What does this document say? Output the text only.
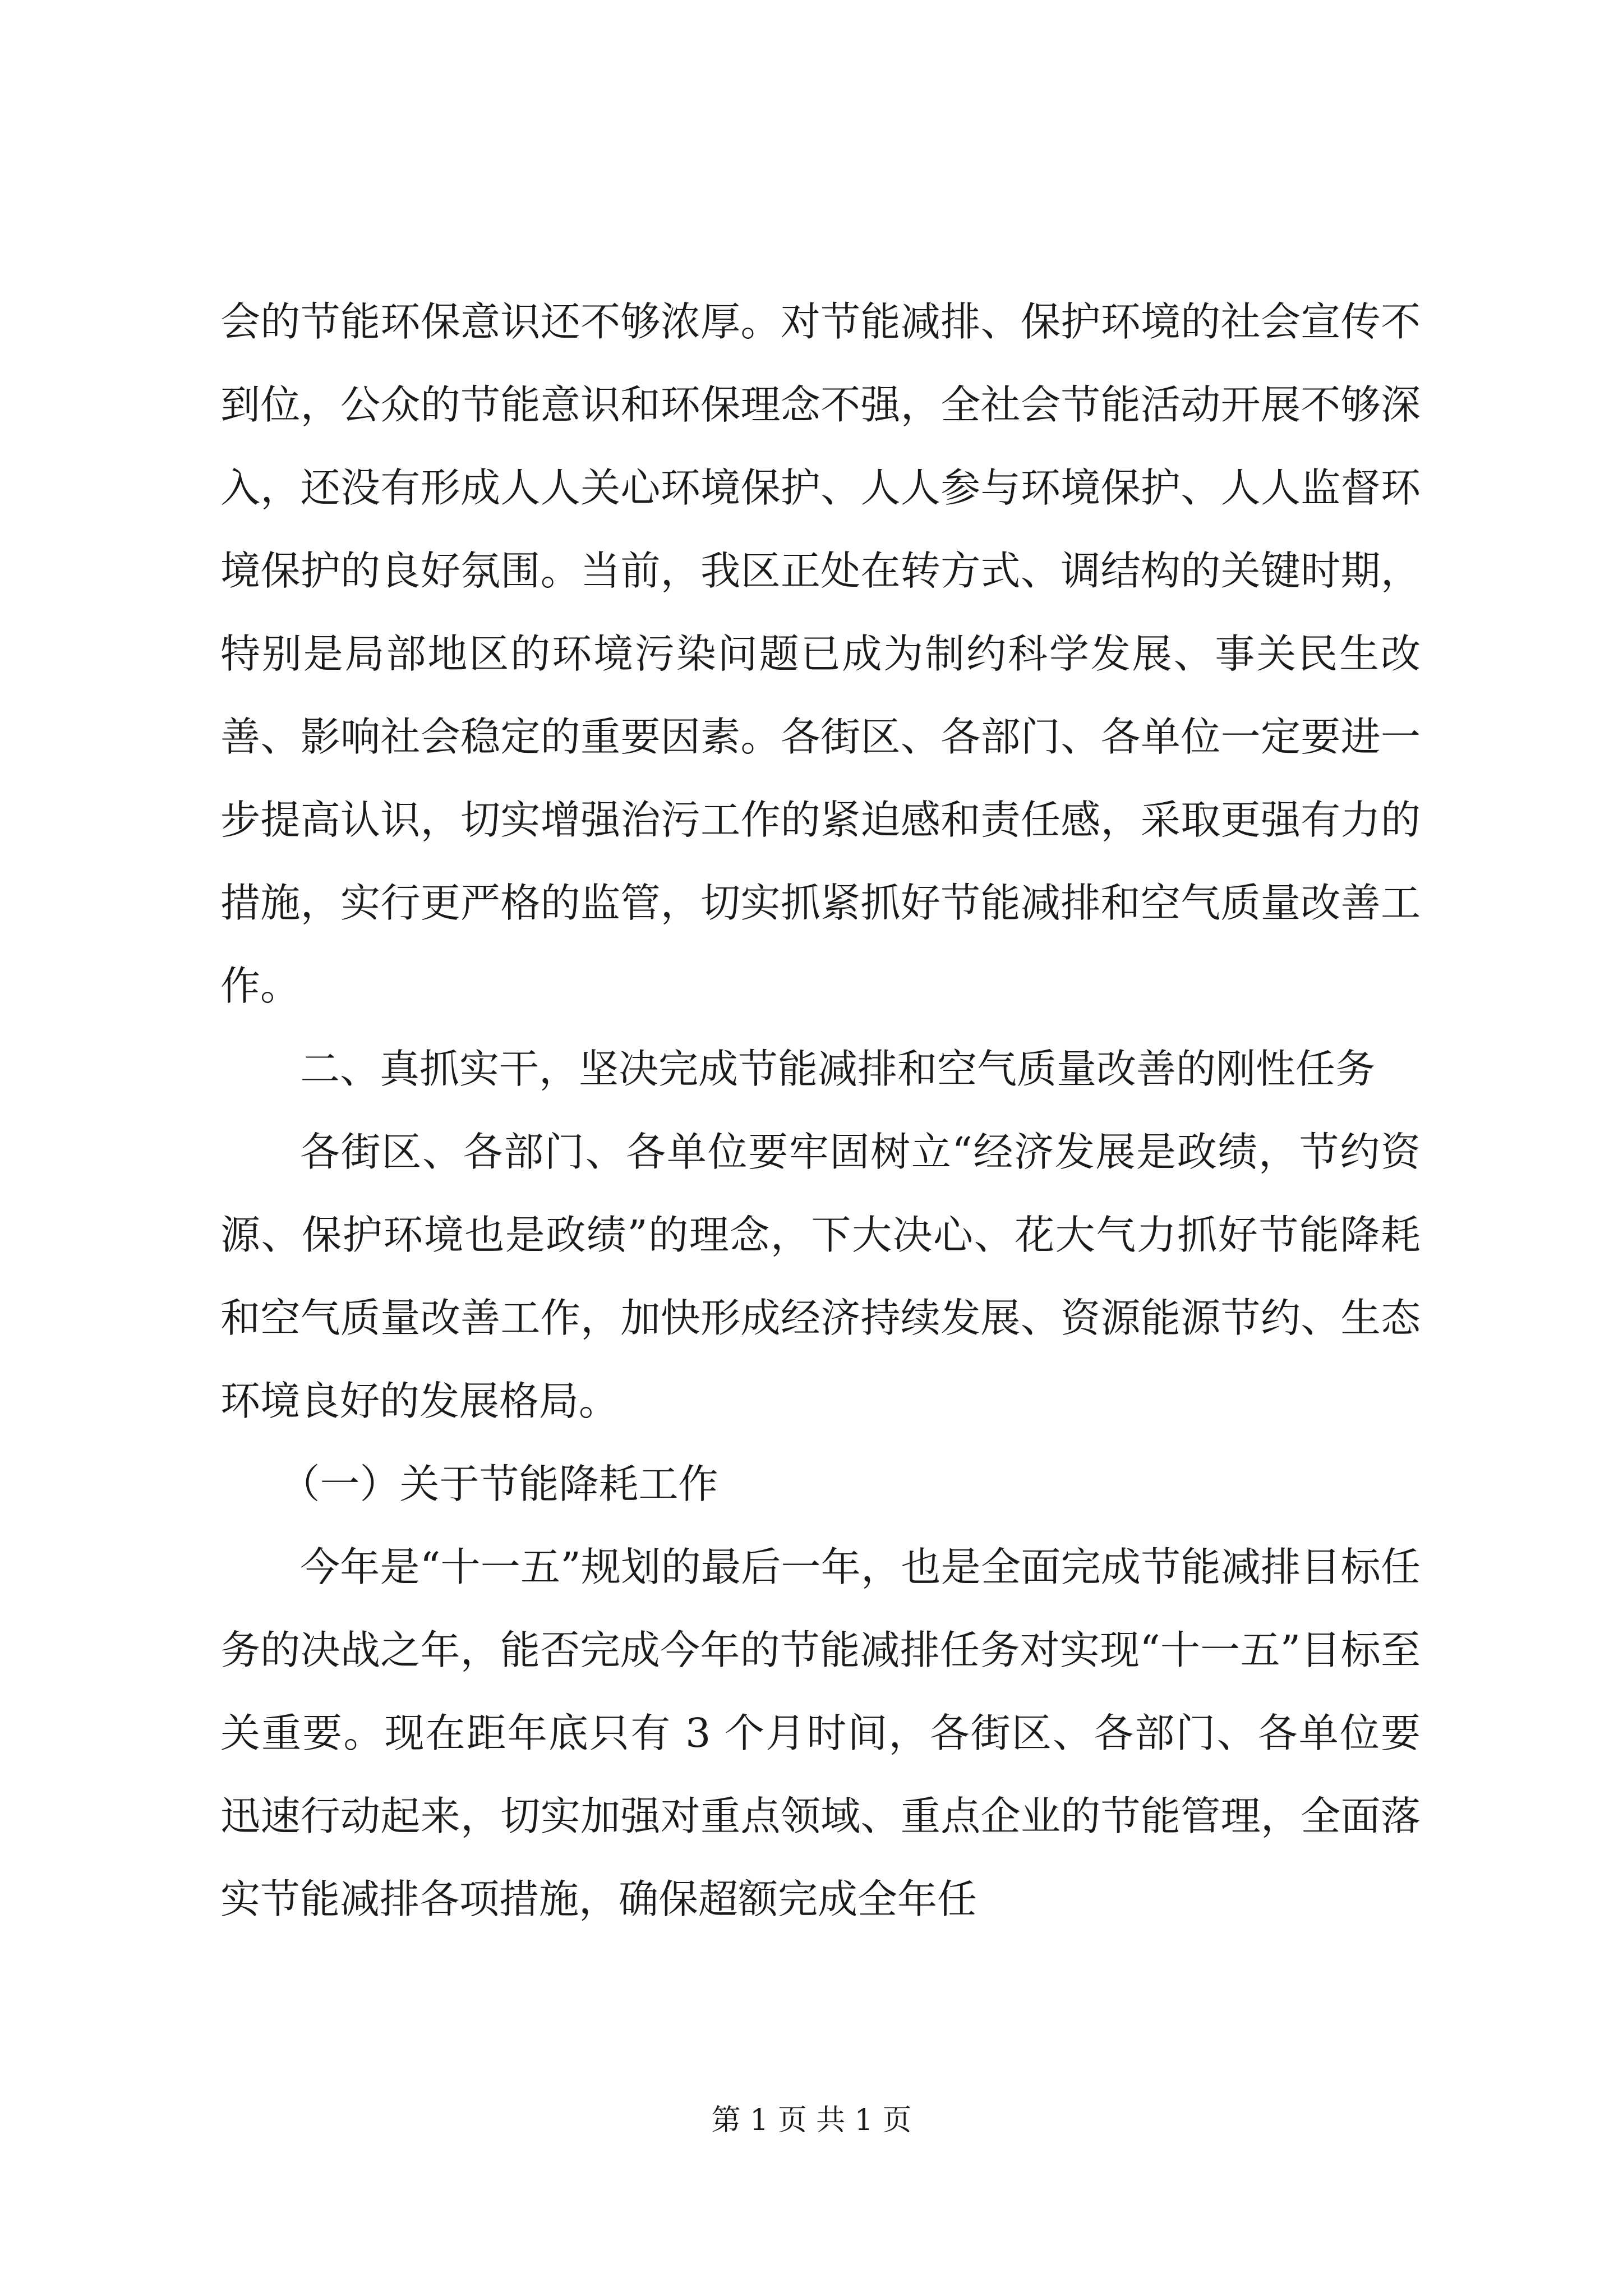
会的节能环保意识还不够浓厚。对节能减排、保护环境的社会宣传不到位，公众的节能意识和环保理念不强，全社会节能活动开展不够深入，还没有形成人人关心环境保护、人人参与环境保护、人人监督环境保护的良好氛围。当前，我区正处在转方式、调结构的关键时期，特别是局部地区的环境污染问题已成为制约科学发展、事关民生改善、影响社会稳定的重要因素。各街区、各部门、各单位一定要进一步提高认识，切实增强治污工作的紧迫感和责任感，采取更强有力的措施，实行更严格的监管，切实抓紧抓好节能减排和空气质量改善工作。

二、真抓实干，坚决完成节能减排和空气质量改善的刚性任务

各街区、各部门、各单位要牢固树立“经济发展是政绩，节约资源、保护环境也是政绩”的理念，下大决心、花大气力抓好节能降耗和空气质量改善工作，加快形成经济持续发展、资源能源节约、生态环境良好的发展格局。

（一）关于节能降耗工作

今年是“十一五”规划的最后一年，也是全面完成节能减排目标任务的决战之年，能否完成今年的节能减排任务对实现“十一五”目标至关重要。现在距年底只有 3 个月时间，各街区、各部门、各单位要迅速行动起来，切实加强对重点领域、重点企业的节能管理，全面落实节能减排各项措施，确保超额完成全年任

第 1 页 共 1 页
